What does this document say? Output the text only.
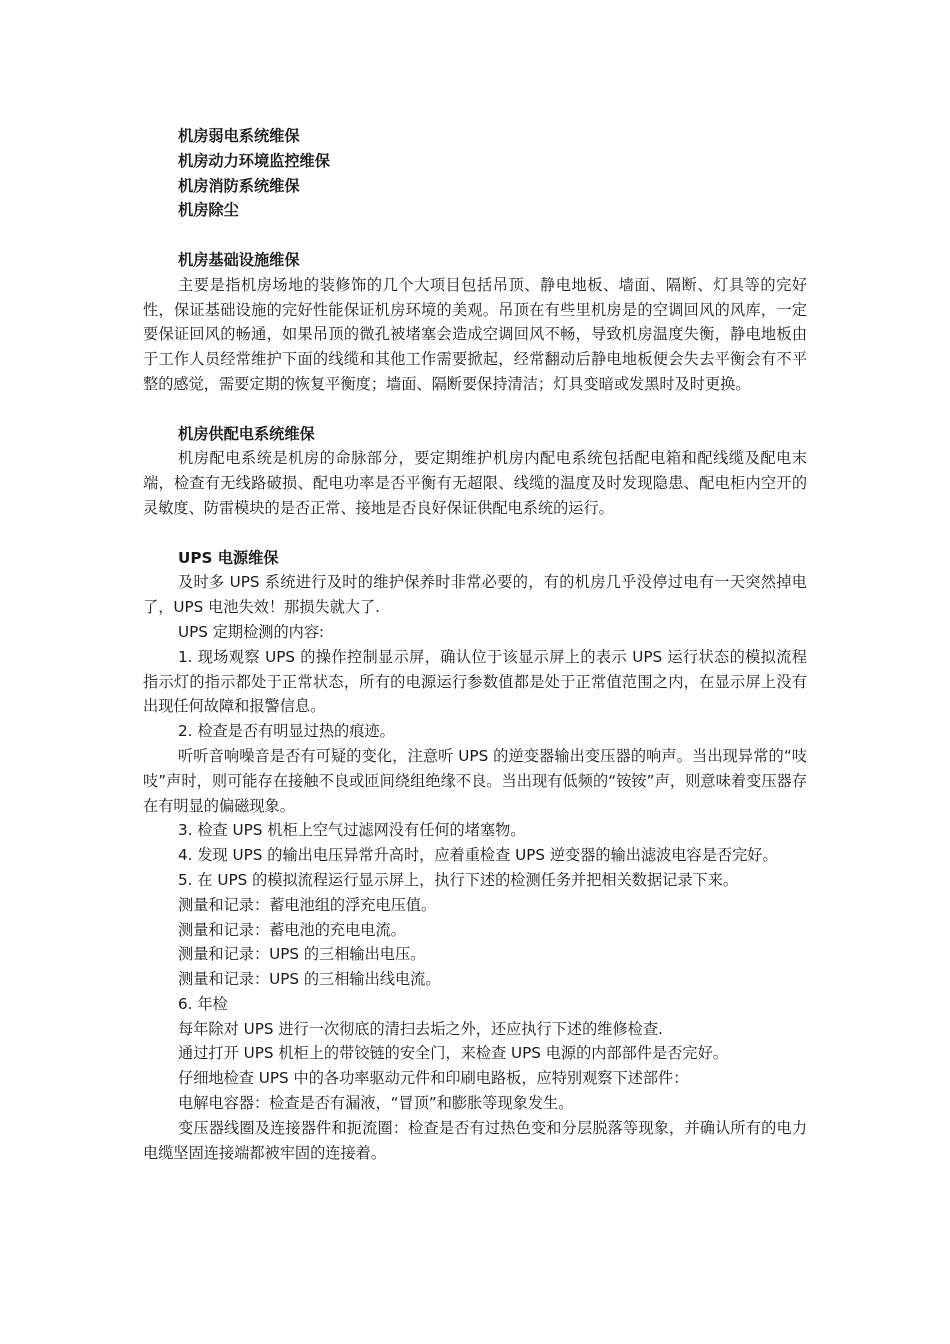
机房弱电系统维保

机房动力环境监控维保

机房消防系统维保

机房除尘

机房基础设施维保

主要是指机房场地的装修饰的几个大项目包括吊顶、静电地板、墙面、隔断、灯具等的完好性，保证基础设施的完好性能保证机房环境的美观。吊顶在有些里机房是的空调回风的风库，一定要保证回风的畅通，如果吊顶的微孔被堵塞会造成空调回风不畅，导致机房温度失衡，静电地板由于工作人员经常维护下面的线缆和其他工作需要掀起，经常翻动后静电地板便会失去平衡会有不平整的感觉，需要定期的恢复平衡度；墙面、隔断要保持清洁；灯具变暗或发黑时及时更换。

机房供配电系统维保

机房配电系统是机房的命脉部分，要定期维护机房内配电系统包括配电箱和配线缆及配电末端，检查有无线路破损、配电功率是否平衡有无超限、线缆的温度及时发现隐患、配电柜内空开的灵敏度、防雷模块的是否正常、接地是否良好保证供配电系统的运行。

UPS 电源维保

及时多 UPS 系统进行及时的维护保养时非常必要的，有的机房几乎没停过电有一天突然掉电了，UPS 电池失效！那损失就大了.

UPS 定期检测的内容:

1. 现场观察 UPS 的操作控制显示屏，确认位于该显示屏上的表示 UPS 运行状态的模拟流程指示灯的指示都处于正常状态，所有的电源运行参数值都是处于正常值范围之内，在显示屏上没有出现任何故障和报警信息。

2. 检查是否有明显过热的痕迹。

听听音响噪音是否有可疑的变化，注意听 UPS 的逆变器输出变压器的响声。当出现异常的“吱吱”声时，则可能存在接触不良或匝间绕组绝缘不良。当出现有低频的“铵铵”声，则意味着变压器存在有明显的偏磁现象。

3. 检查 UPS 机柜上空气过滤网没有任何的堵塞物。

4. 发现 UPS 的输出电压异常升高时，应着重检查 UPS 逆变器的输出滤波电容是否完好。

5. 在 UPS 的模拟流程运行显示屏上，执行下述的检测任务并把相关数据记录下来。

测量和记录：蓄电池组的浮充电压值。

测量和记录：蓄电池的充电电流。

测量和记录：UPS 的三相输出电压。

测量和记录：UPS 的三相输出线电流。

6. 年检

每年除对 UPS 进行一次彻底的清扫去垢之外，还应执行下述的维修检查.

通过打开 UPS 机柜上的带铰链的安全门，来检查 UPS 电源的内部部件是否完好。

仔细地检查 UPS 中的各功率驱动元件和印刷电路板，应特别观察下述部件：

电解电容器：检查是否有漏液，“冒顶”和膨胀等现象发生。

变压器线圈及连接器件和扼流圈：检查是否有过热色变和分层脱落等现象，并确认所有的电力电缆坚固连接端都被牢固的连接着。
